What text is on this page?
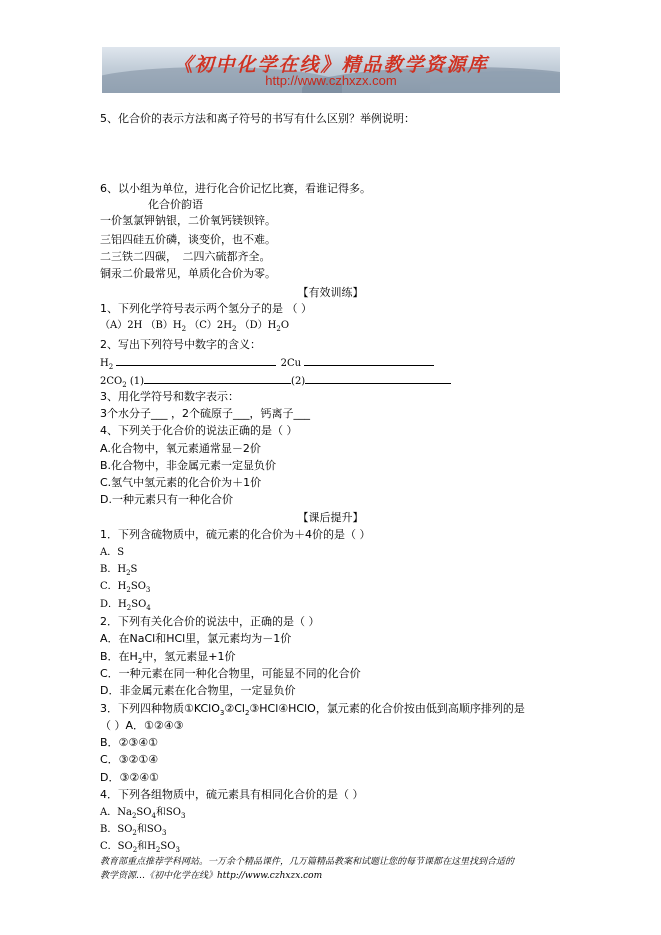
《初中化学在线》精品教学资源库
http://www.czhxzx.com
5、化合价的表示方法和离子符号的书写有什么区别？举例说明：
6、以小组为单位，进行化合价记忆比赛，看谁记得多。
化合价韵语
一价氢氯钾钠银，二价氧钙镁钡锌。
三铝四硅五价磷，谈变价，也不难。
二三铁二四碳，　二四六硫都齐全。
铜汞二价最常见，单质化合价为零。
【有效训练】
1、下列化学符号表示两个氢分子的是 （ ）
（A）2H $(B)H_2$ $(C)2H_2$ $(D)H_2O$
2、写出下列符号中数字的含义：
$H_2$	2Cu
$2CO_2$ (1)	(2)
3、用化学符号和数字表示：
3个水分子___ ，2个硫原子___，钙离子___
4、下列关于化合价的说法正确的是（ ）
A.化合物中，氧元素通常显－2价
B.化合物中，非金属元素一定显负价
C.氢气中氢元素的化合价为＋1价
D.一种元素只有一种化合价
【课后提升】
1．下列含硫物质中，硫元素的化合价为＋4价的是（ ）
A．S
B．$H_2S$
C．$H_2SO_3$
D．$H_2SO_4$
2．下列有关化合价的说法中，正确的是（ ）
A．在NaCl和HCl里，氯元素均为－1价
B．在$H_2$中，氢元素显+1价
C．一种元素在同一种化合物里，可能显不同的化合价
D．非金属元素在化合物里，一定显负价
3．下列四种物质$①KClO_3②Cl_2③HCl④HClO$，氯元素的化合价按由低到高顺序排列的是
（ ）A．①②④③
B．②③④①
C．③②①④
D．③②④①
4．下列各组物质中，硫元素具有相同化合价的是（ ）
A．$Na_2SO_4$和$SO_3$
B．$SO_2$和$SO_3$
C．$SO_2$和$H_2SO_3$
教育部重点推荐学科网站。一万余个精品课件，几万篇精品教案和试题让您的每节课都在这里找到合适的
教学资源…《初中化学在线》http://www.czhxzx.com
